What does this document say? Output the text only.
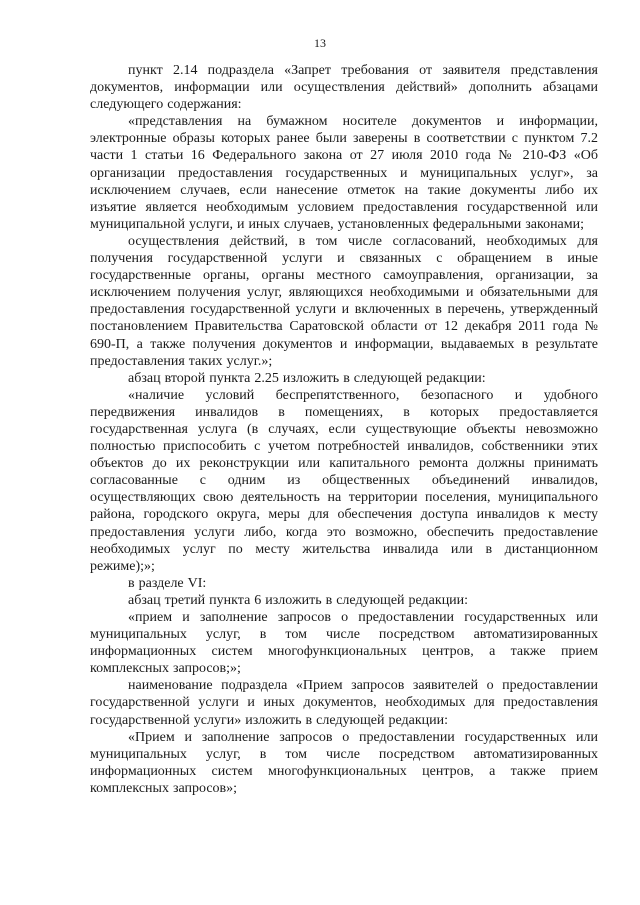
13

пункт 2.14 подраздела «Запрет требования от заявителя представления документов, информации или осуществления действий» дополнить абзацами следующего содержания:

«представления на бумажном носителе документов и информации, электронные образы которых ранее были заверены в соответствии с пунктом 7.2 части 1 статьи 16 Федерального закона от 27 июля 2010 года № 210-ФЗ «Об организации предоставления государственных и муниципальных услуг», за исключением случаев, если нанесение отметок на такие документы либо их изъятие является необходимым условием предоставления государственной или муниципальной услуги, и иных случаев, установленных федеральными законами;

осуществления действий, в том числе согласований, необходимых для получения государственной услуги и связанных с обращением в иные государственные органы, органы местного самоуправления, организации, за исключением получения услуг, являющихся необходимыми и обязательными для предоставления государственной услуги и включенных в перечень, утвержденный постановлением Правительства Саратовской области от 12 декабря 2011 года № 690-П, а также получения документов и информации, выдаваемых в результате предоставления таких услуг.»;

абзац второй пункта 2.25 изложить в следующей редакции:

«наличие условий беспрепятственного, безопасного и удобного передвижения инвалидов в помещениях, в которых предоставляется государственная услуга (в случаях, если существующие объекты невозможно полностью приспособить с учетом потребностей инвалидов, собственники этих объектов до их реконструкции или капитального ремонта должны принимать согласованные с одним из общественных объединений инвалидов, осуществляющих свою деятельность на территории поселения, муниципального района, городского округа, меры для обеспечения доступа инвалидов к месту предоставления услуги либо, когда это возможно, обеспечить предоставление необходимых услуг по месту жительства инвалида или в дистанционном режиме);»;

в разделе VI:

абзац третий пункта 6 изложить в следующей редакции:

«прием и заполнение запросов о предоставлении государственных или муниципальных услуг, в том числе посредством автоматизированных информационных систем многофункциональных центров, а также прием комплексных запросов;»;

наименование подраздела «Прием запросов заявителей о предоставлении государственной услуги и иных документов, необходимых для предоставления государственной услуги» изложить в следующей редакции:

«Прием и заполнение запросов о предоставлении государственных или муниципальных услуг, в том числе посредством автоматизированных информационных систем многофункциональных центров, а также прием комплексных запросов»;
